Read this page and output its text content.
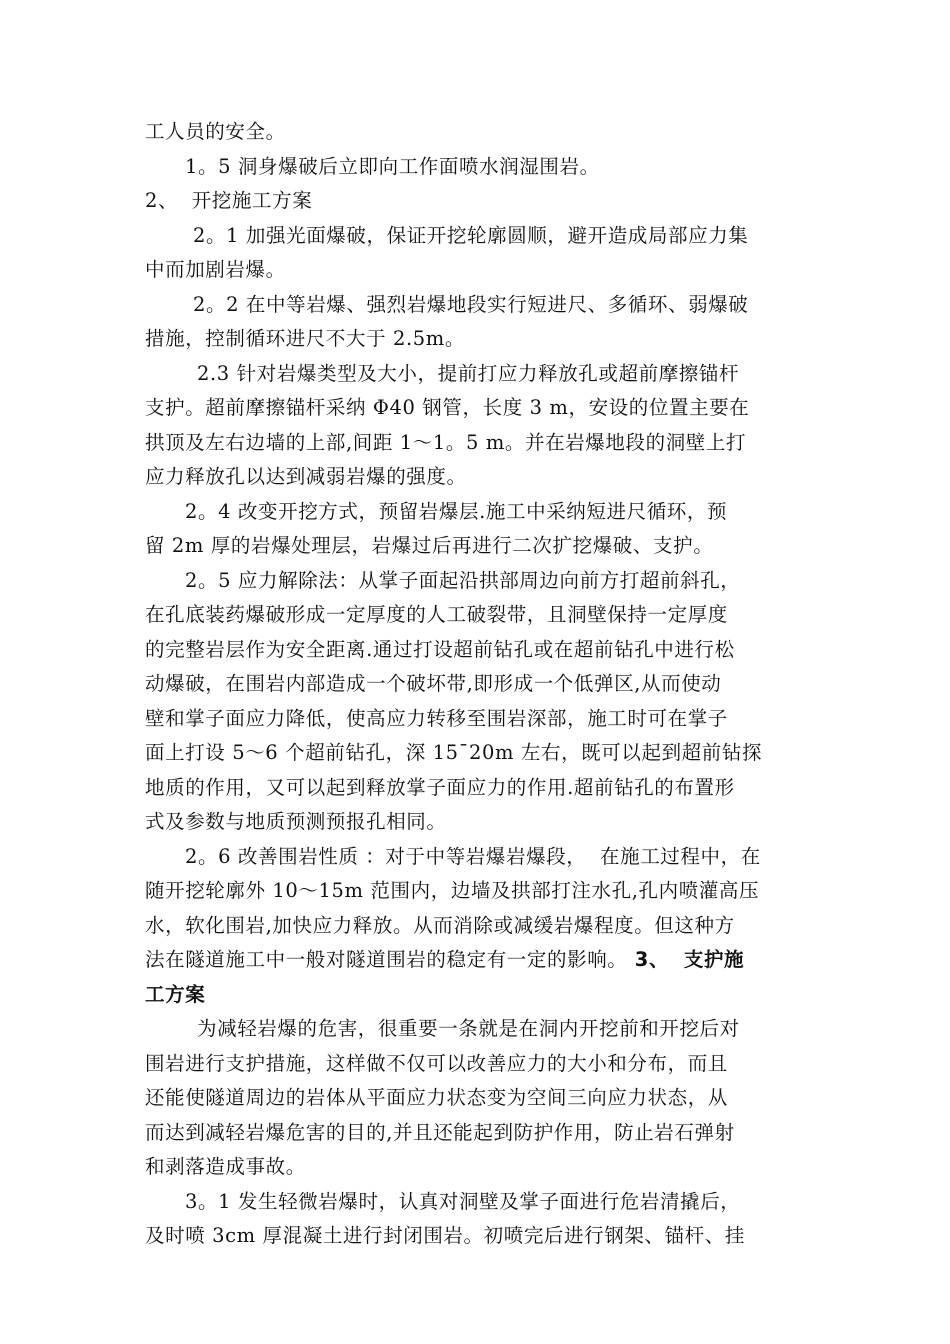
工人员的安全。
1。5 洞身爆破后立即向工作面喷水润湿围岩。
2、  开挖施工方案
2。1 加强光面爆破，保证开挖轮廓圆顺，避开造成局部应力集
中而加剧岩爆。
2。2 在中等岩爆、强烈岩爆地段实行短进尺、多循环、弱爆破
措施，控制循环进尺不大于 2.5m。
2.3 针对岩爆类型及大小，提前打应力释放孔或超前摩擦锚杆
支护。超前摩擦锚杆采纳 Φ40 钢管，长度 3 m，安设的位置主要在
拱顶及左右边墙的上部,间距 1～1。5 m。并在岩爆地段的洞壁上打
应力释放孔以达到减弱岩爆的强度。
2。4 改变开挖方式，预留岩爆层.施工中采纳短进尺循环，预
留 2m 厚的岩爆处理层，岩爆过后再进行二次扩挖爆破、支护。
2。5 应力解除法：从掌子面起沿拱部周边向前方打超前斜孔，
在孔底装药爆破形成一定厚度的人工破裂带，且洞壁保持一定厚度
的完整岩层作为安全距离.通过打设超前钻孔或在超前钻孔中进行松
动爆破，在围岩内部造成一个破坏带,即形成一个低弹区,从而使动
壁和掌子面应力降低，使高应力转移至围岩深部，施工时可在掌子
面上打设 5～6 个超前钻孔，深 15¯20m 左右，既可以起到超前钻探
地质的作用，又可以起到释放掌子面应力的作用.超前钻孔的布置形
式及参数与地质预测预报孔相同。
2。6 改善围岩性质 ：对于中等岩爆岩爆段，  在施工过程中，在
随开挖轮廓外 10～15m 范围内，边墙及拱部打注水孔,孔内喷灌高压
水，软化围岩,加快应力释放。从而消除或减缓岩爆程度。但这种方
法在隧道施工中一般对隧道围岩的稳定有一定的影响。 3、  支护施
工方案
为减轻岩爆的危害，很重要一条就是在洞内开挖前和开挖后对
围岩进行支护措施，这样做不仅可以改善应力的大小和分布，而且
还能使隧道周边的岩体从平面应力状态变为空间三向应力状态，从
而达到减轻岩爆危害的目的,并且还能起到防护作用，防止岩石弹射
和剥落造成事故。
3。1 发生轻微岩爆时，认真对洞壁及掌子面进行危岩清撬后，
及时喷 3cm 厚混凝土进行封闭围岩。初喷完后进行钢架、锚杆、挂
